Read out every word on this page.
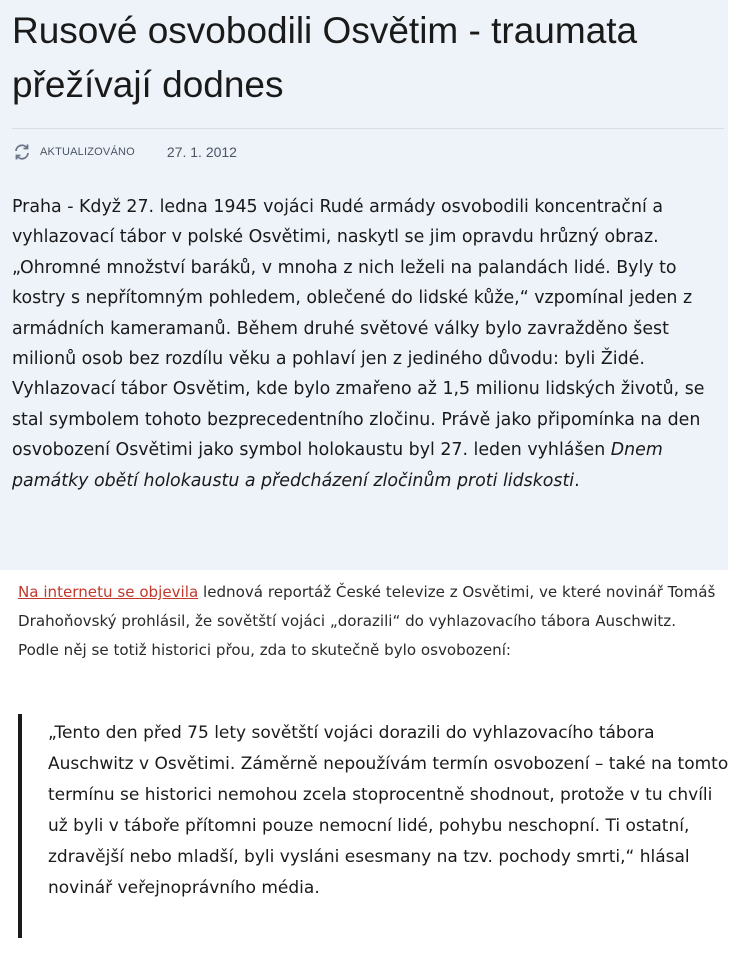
Rusové osvobodili Osvětim - traumata přežívají dodnes
AKTUALIZOVÁNO 27. 1. 2012

Praha - Když 27. ledna 1945 vojáci Rudé armády osvobodili koncentrační a vyhlazovací tábor v polské Osvětimi, naskytl se jim opravdu hrůzný obraz. „Ohromné množství baráků, v mnoha z nich leželi na palandách lidé. Byly to kostry s nepřítomným pohledem, oblečené do lidské kůže,“ vzpomínal jeden z armádních kameramanů. Během druhé světové války bylo zavražděno šest milionů osob bez rozdílu věku a pohlaví jen z jediného důvodu: byli Židé. Vyhlazovací tábor Osvětim, kde bylo zmařeno až 1,5 milionu lidských životů, se stal symbolem tohoto bezprecedentního zločinu. Právě jako připomínka na den osvobození Osvětimi jako symbol holokaustu byl 27. leden vyhlášen Dnem památky obětí holokaustu a předcházení zločinům proti lidskosti.

Na internetu se objevila lednová reportáž České televize z Osvětimi, ve které novinář Tomáš Drahoňovský prohlásil, že sovětští vojáci „dorazili“ do vyhlazovacího tábora Auschwitz. Podle něj se totiž historici přou, zda to skutečně bylo osvobození:

„Tento den před 75 lety sovětští vojáci dorazili do vyhlazovacího tábora Auschwitz v Osvětimi. Záměrně nepoužívám termín osvobození – také na tomto termínu se historici nemohou zcela stoprocentně shodnout, protože v tu chvíli už byli v táboře přítomni pouze nemocní lidé, pohybu neschopní. Ti ostatní, zdravější nebo mladší, byli vysláni esesmany na tzv. pochody smrti,“ hlásal novinář veřejnoprávního média.
